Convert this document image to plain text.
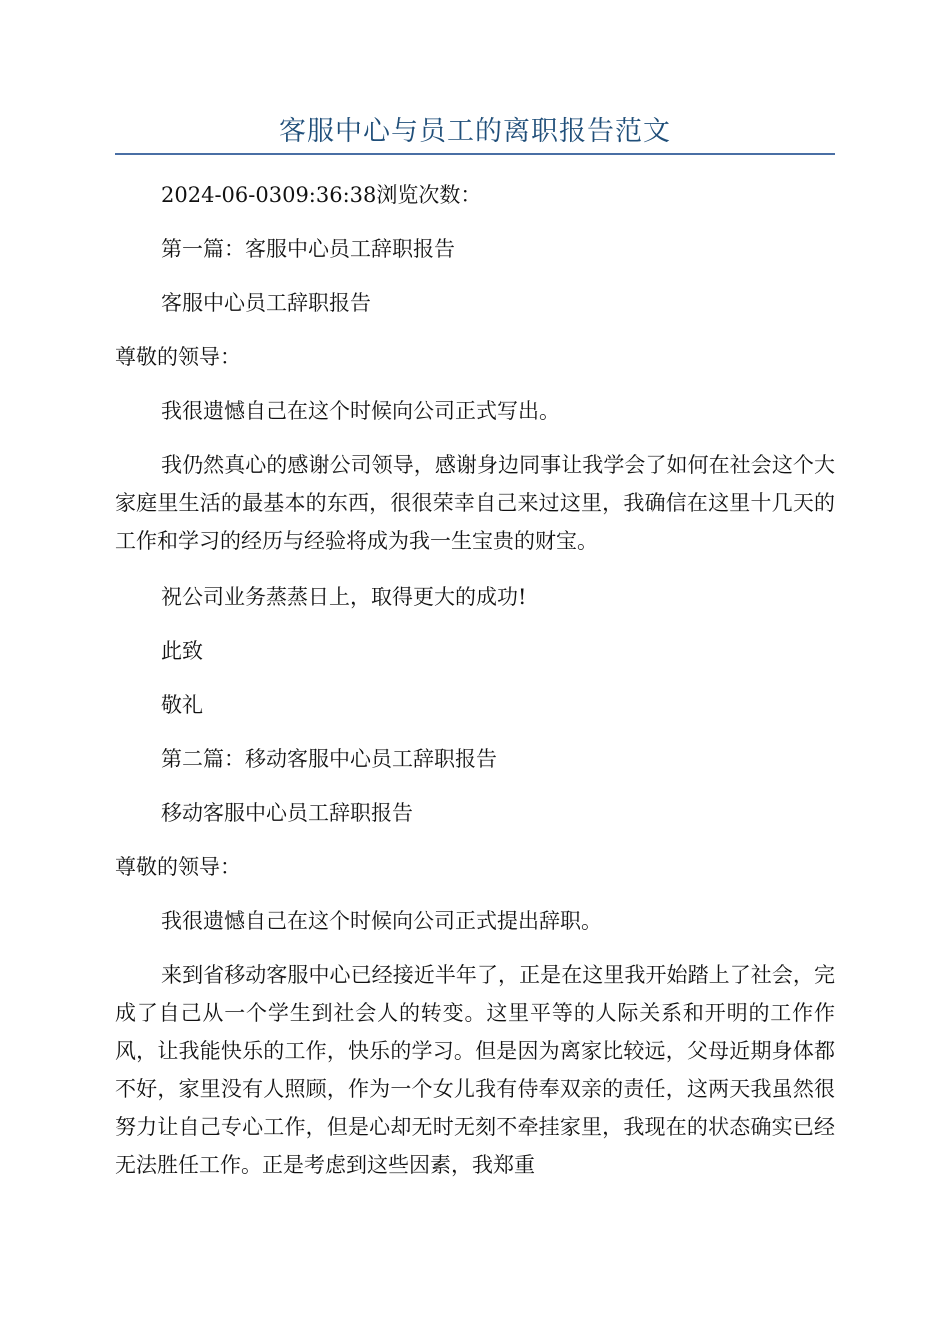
客服中心与员工的离职报告范文

2024-06-0309:36:38浏览次数：

第一篇：客服中心员工辞职报告

客服中心员工辞职报告

尊敬的领导：

我很遗憾自己在这个时候向公司正式写出。

我仍然真心的感谢公司领导，感谢身边同事让我学会了如何在社会这个大家庭里生活的最基本的东西，很很荣幸自己来过这里，我确信在这里十几天的工作和学习的经历与经验将成为我一生宝贵的财宝。

祝公司业务蒸蒸日上，取得更大的成功!

此致

敬礼

第二篇：移动客服中心员工辞职报告

移动客服中心员工辞职报告

尊敬的领导：

我很遗憾自己在这个时候向公司正式提出辞职。

来到省移动客服中心已经接近半年了，正是在这里我开始踏上了社会，完成了自己从一个学生到社会人的转变。这里平等的人际关系和开明的工作作风，让我能快乐的工作，快乐的学习。但是因为离家比较远，父母近期身体都不好，家里没有人照顾，作为一个女儿我有侍奉双亲的责任，这两天我虽然很努力让自己专心工作，但是心却无时无刻不牵挂家里，我现在的状态确实已经无法胜任工作。正是考虑到这些因素，我郑重
